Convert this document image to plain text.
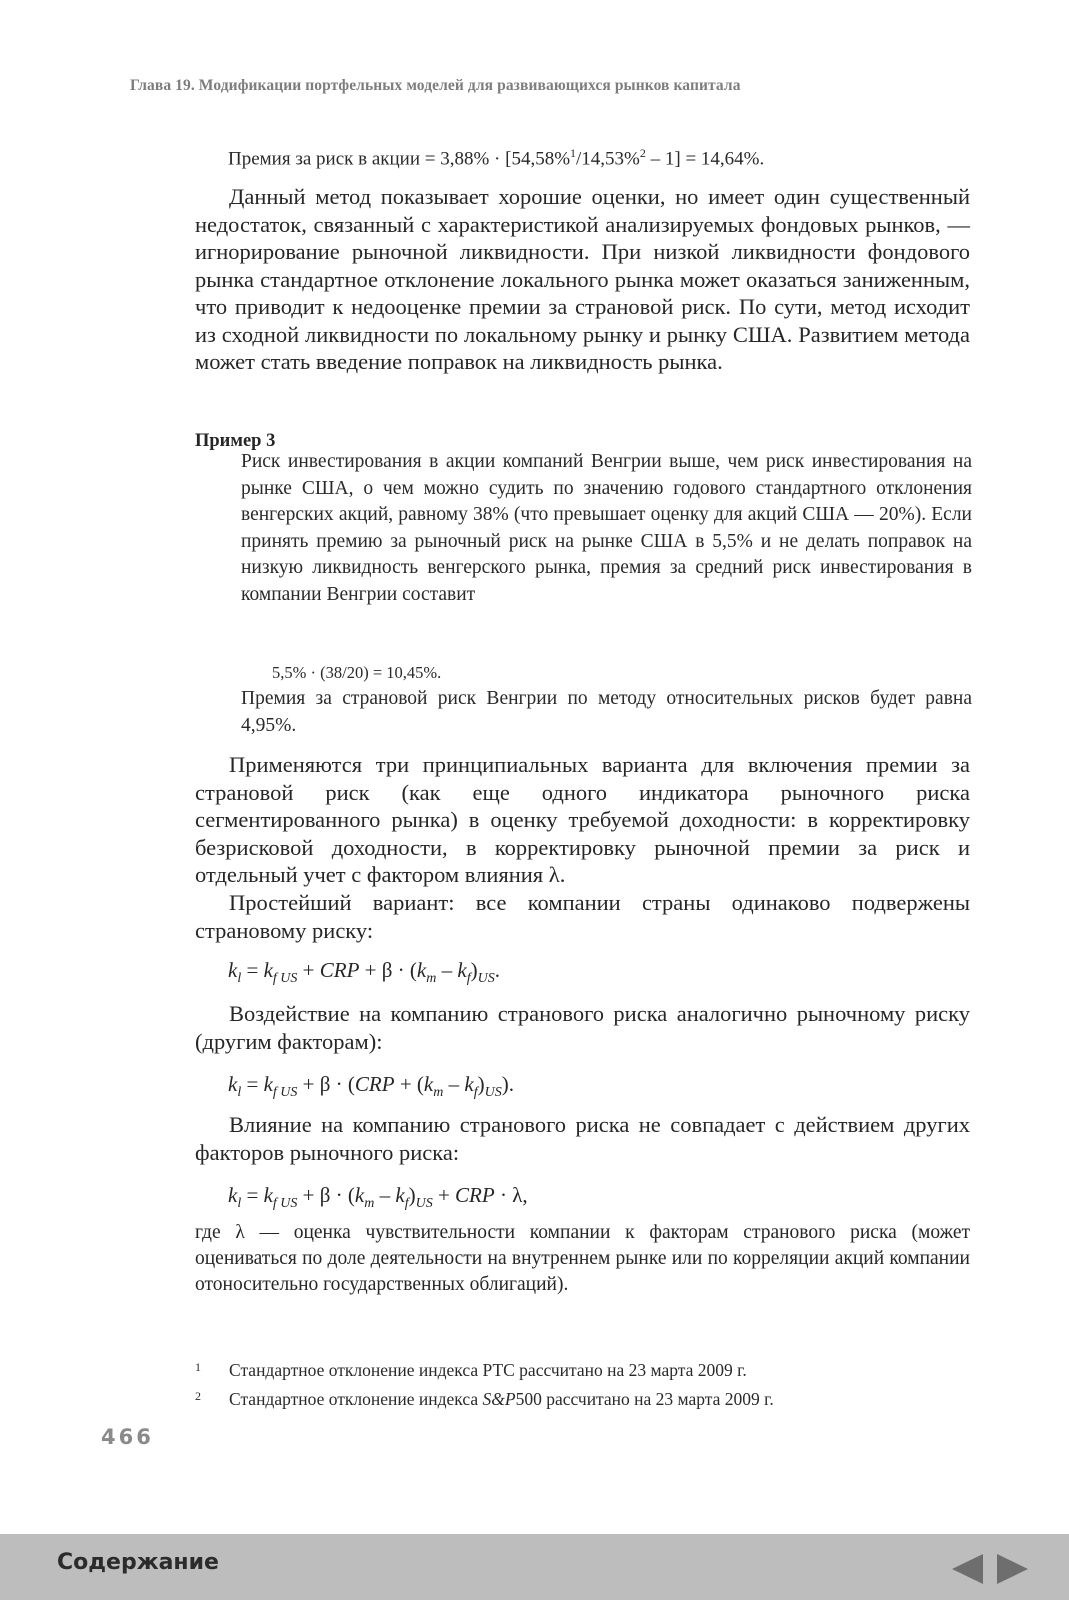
Глава 19. Модификации портфельных моделей для развивающихся рынков капитала
Премия за риск в акции = 3,88% · [54,58%$^1$/14,53%$^2$ – 1] = 14,64%.

Данный метод показывает хорошие оценки, но имеет один существенный недостаток, связанный с характеристикой анализируемых фондовых рынков, — игнорирование рыночной ликвидности. При низкой ликвидности фондового рынка стандартное отклонение локального рынка может оказаться заниженным, что приводит к недооценке премии за страновой риск. По сути, метод исходит из сходной ликвидности по локальному рынку и рынку США. Развитием метода может стать введение поправок на ликвидность рынка.

Пример 3

Риск инвестирования в акции компаний Венгрии выше, чем риск инвестирования на рынке США, о чем можно судить по значению годового стандартного отклонения венгерских акций, равному 38% (что превышает оценку для акций США — 20%). Если принять премию за рыночный риск на рынке США в 5,5% и не делать поправок на низкую ликвидность венгерского рынка, премия за средний риск инвестирования в компании Венгрии составит

5,5% · (38/20) = 10,45%.

Премия за страновой риск Венгрии по методу относительных рисков будет равна 4,95%.

Применяются три принципиальных варианта для включения премии за страновой риск (как еще одного индикатора рыночного риска сегментированного рынка) в оценку требуемой доходности: в корректировку безрисковой доходности, в корректировку рыночной премии за риск и отдельный учет с фактором влияния λ.

Простейший вариант: все компании страны одинаково подвержены страновому риску:

$k_l = k_{f US}$ + CRP + $\beta \cdot (k_m - k_f)_{US}$.

Воздействие на компанию странового риска аналогично рыночному риску (другим факторам):

$k_l = k_{f US} + \beta \cdot (CRP + (k_m - k_f)_{US})$.

Влияние на компанию странового риска не совпадает с действием других факторов рыночного риска:

$k_l = k_{f US} + \beta \cdot (k_m - k_f)_{US}$ + CRP · λ,

где λ — оценка чувствительности компании к факторам странового риска (может оцениваться по доле деятельности на внутреннем рынке или по корреляции акций компании отоносительно государственных облигаций).

1 Стандартное отклонение индекса РТС рассчитано на 23 марта 2009 г.
2 Стандартное отклонение индекса S&P500 рассчитано на 23 марта 2009 г.
466
Содержание
